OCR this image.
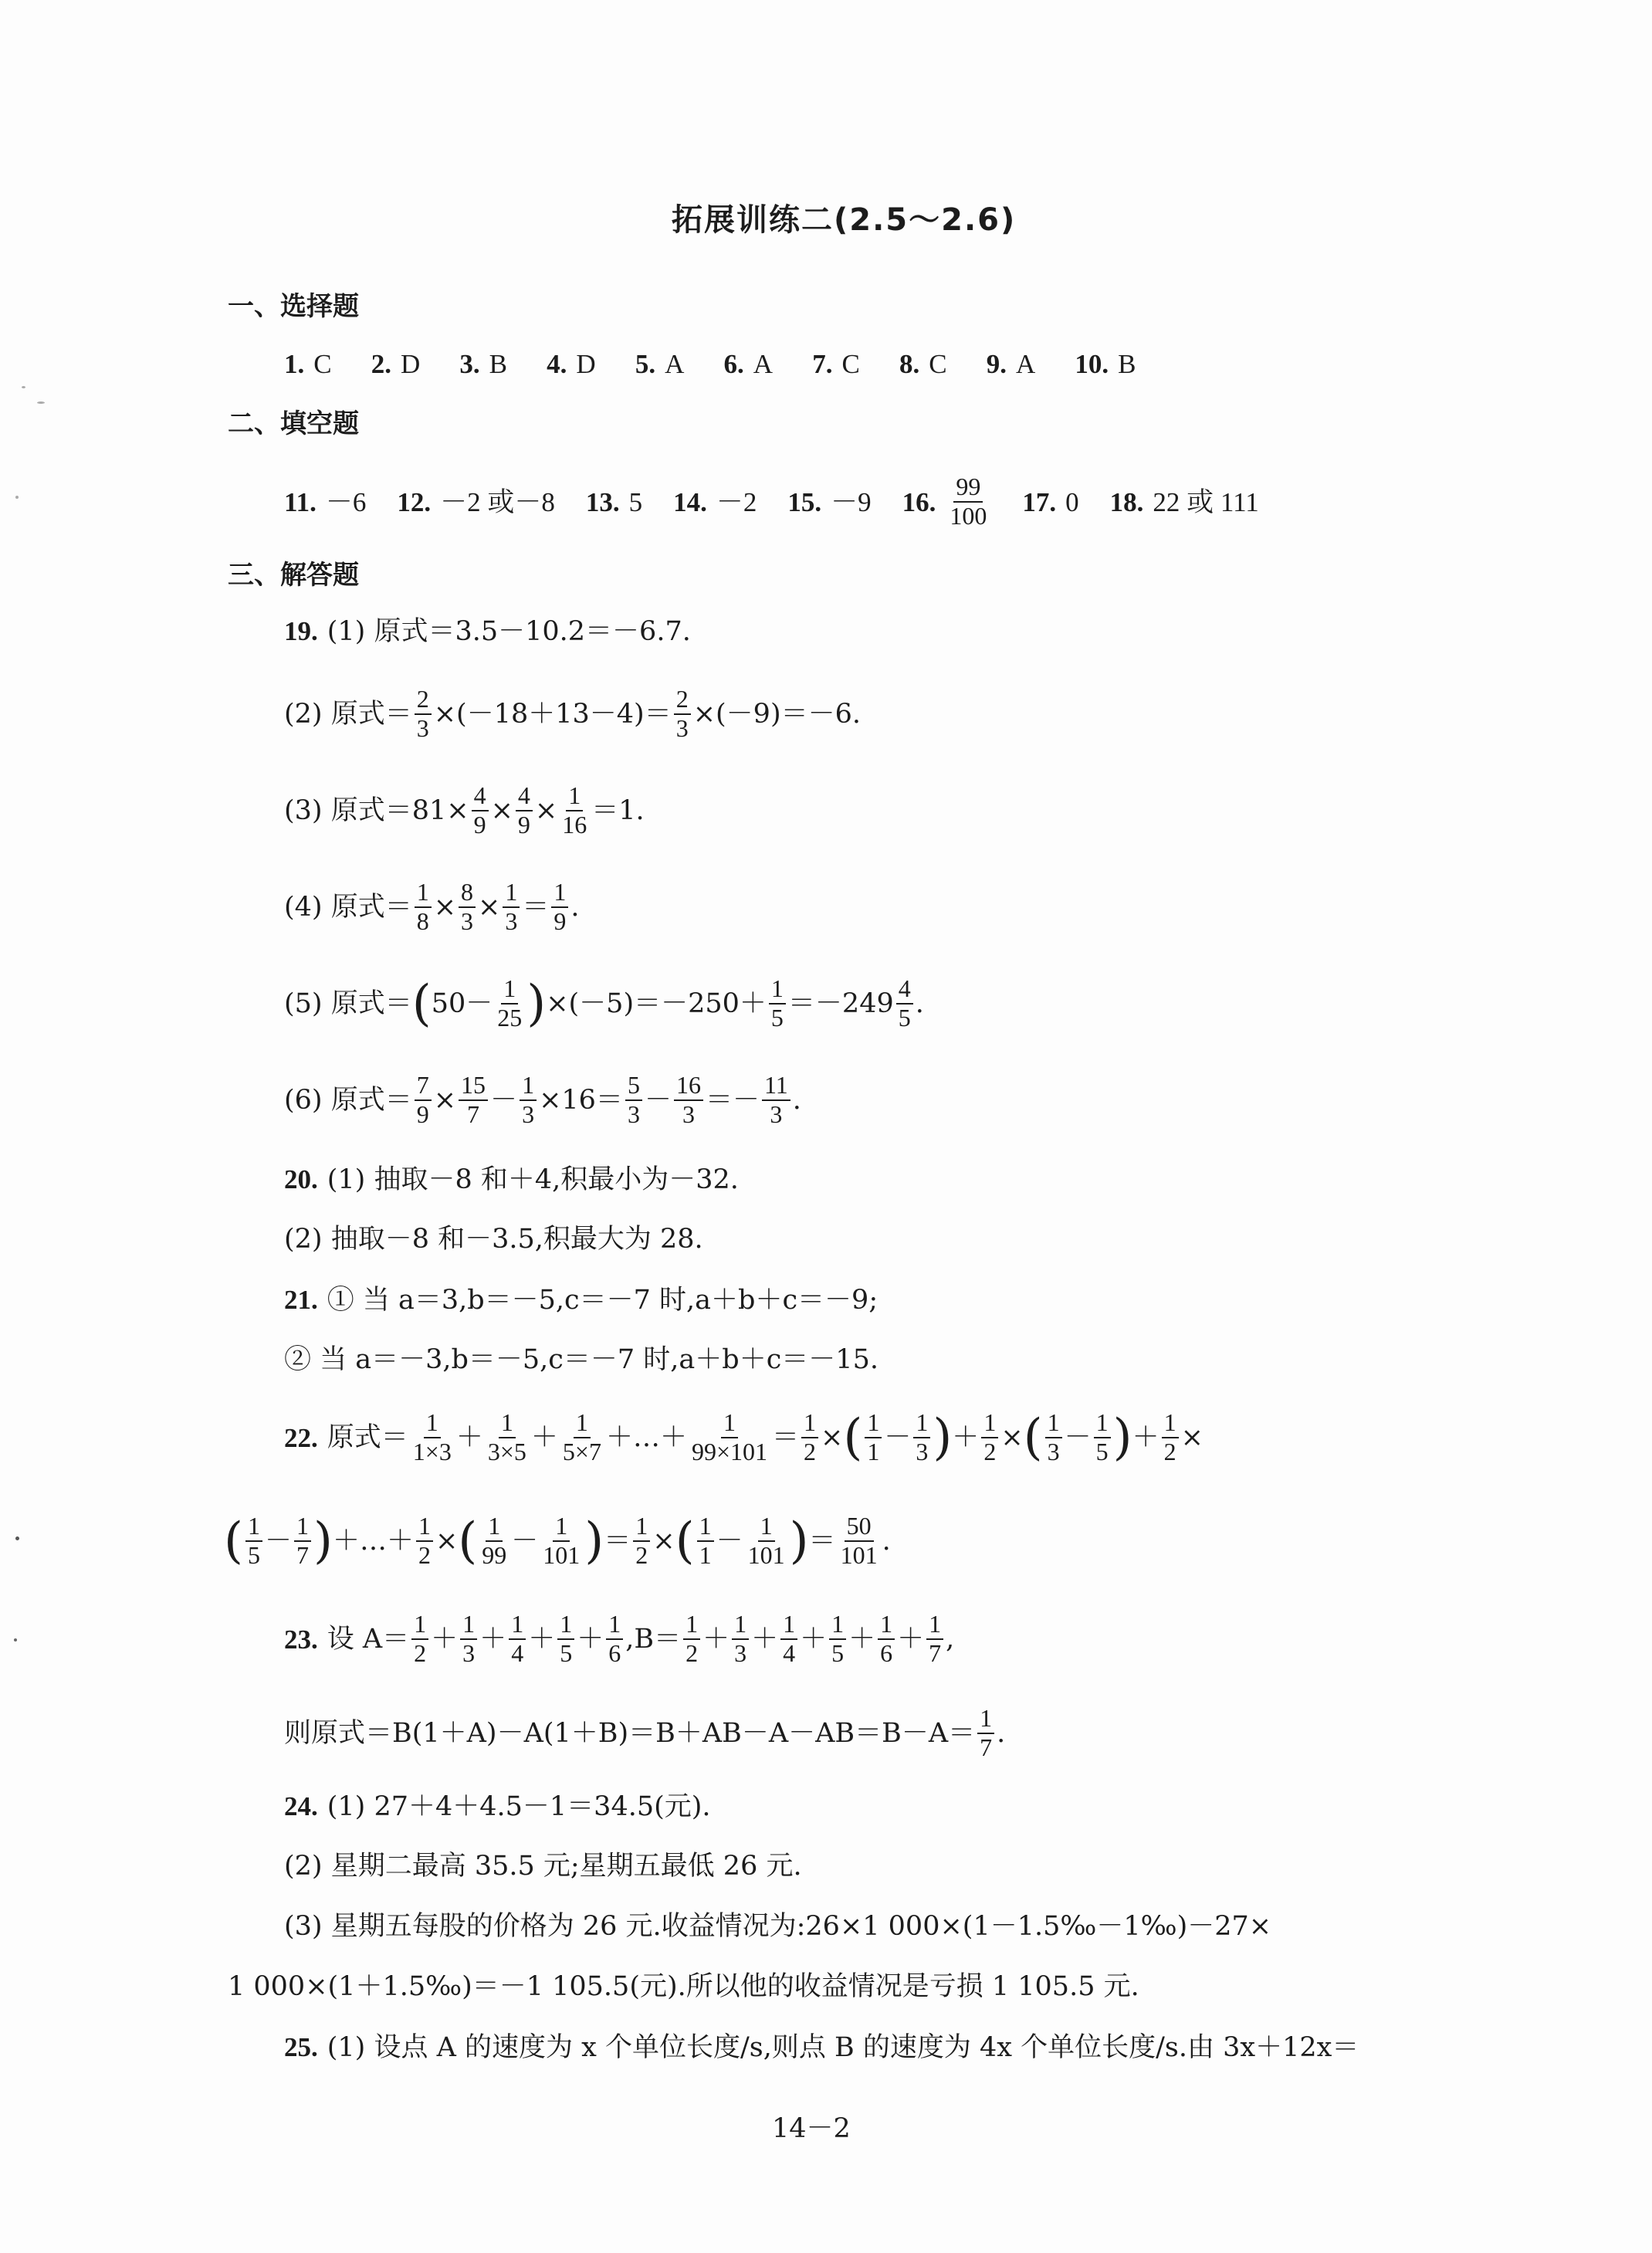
拓展训练二(2.5～2.6)
一、选择题
1. C 2. D 3. B 4. D 5. A 6. A 7. C 8. C 9. A 10. B
二、填空题
11. －6 12. －2 或－8 13. 5 14. －2 15. －9 16. $\frac{99}{100} 17$. 0 18. 22 或 111
三、解答题
19. (1) 原式＝3.5－10.2＝－6.7.
(2) 原式＝ $\frac{2}{3} \times(-18+13-4)= \frac{2}{3} \times(-9)=-6$.
(3) 原式$=81\times \frac{4}{9} \times \frac{4}{9} \times \frac{1}{16} =1$.
(4) 原式＝ $\frac{1}{8} \times \frac{8}{3} \times \frac{1}{3} = \frac{1}{9}$ .
(5) 原式＝ ( $50- \frac{1}{25}$ ) $\times(-5)=-250+ \frac{1}{5} =-249 \frac{4}{5}$ .
(6) 原式＝ $\frac{7}{9} \times \frac{15}{7} - \frac{1}{3} \times 16= \frac{5}{3} - \frac{16}{3} =- \frac{11}{3}$ .
20. (1) 抽取－8 和＋4,积最小为－32.
(2) 抽取－8 和－3.5,积最大为 28.
21. ① 当 a＝3,b＝－5,c＝－7 时,a＋b＋c＝－9;
② 当 a＝－3,b＝－5,c＝－7 时,a＋b＋c＝－15.
22. 原式＝ $\frac{1}{1\times 3} + \frac{1}{3\times 5} + \frac{1}{5\times 7}$ ＋…＋ $\frac{1}{99\times 101} = \frac{1}{2}$ × ( $\frac{1}{1} - \frac{1}{3}$ ) ＋ $\frac{1}{2}$ × ( $\frac{1}{3} - \frac{1}{5}$ ) ＋ $\frac{1}{2}$ ×
( $\frac{1}{5} - \frac{1}{7}$ ) ＋…＋ $\frac{1}{2}$ × ( $\frac{1}{99} - \frac{1}{101}$ ) ＝ $\frac{1}{2}$ × ( $\frac{1}{1} - \frac{1}{101}$ ) ＝ $\frac{50}{101}$ .
23. 设 $A= \frac{1}{2} + \frac{1}{3} + \frac{1}{4} + \frac{1}{5} + \frac{1}{6} ,B= \frac{1}{2} + \frac{1}{3} + \frac{1}{4} + \frac{1}{5} + \frac{1}{6} + \frac{1}{7}$ ,
则原式$=B(1+A)-A(1+B)=B+AB-A-AB=B-A= \frac{1}{7}$ .
24. (1) 27＋4＋4.5－1＝34.5(元).
(2) 星期二最高 35.5 元;星期五最低 26 元.
(3) 星期五每股的价格为 26 元.收益情况为:26×1 000×(1－1.5‰－1‰)－27×
1 000×(1＋1.5‰)＝－1 105.5(元).所以他的收益情况是亏损 1 105.5 元.
25. (1) 设点 A 的速度为 x 个单位长度/s,则点 B 的速度为 4x 个单位长度/s.由 3x＋12x＝
14－2
